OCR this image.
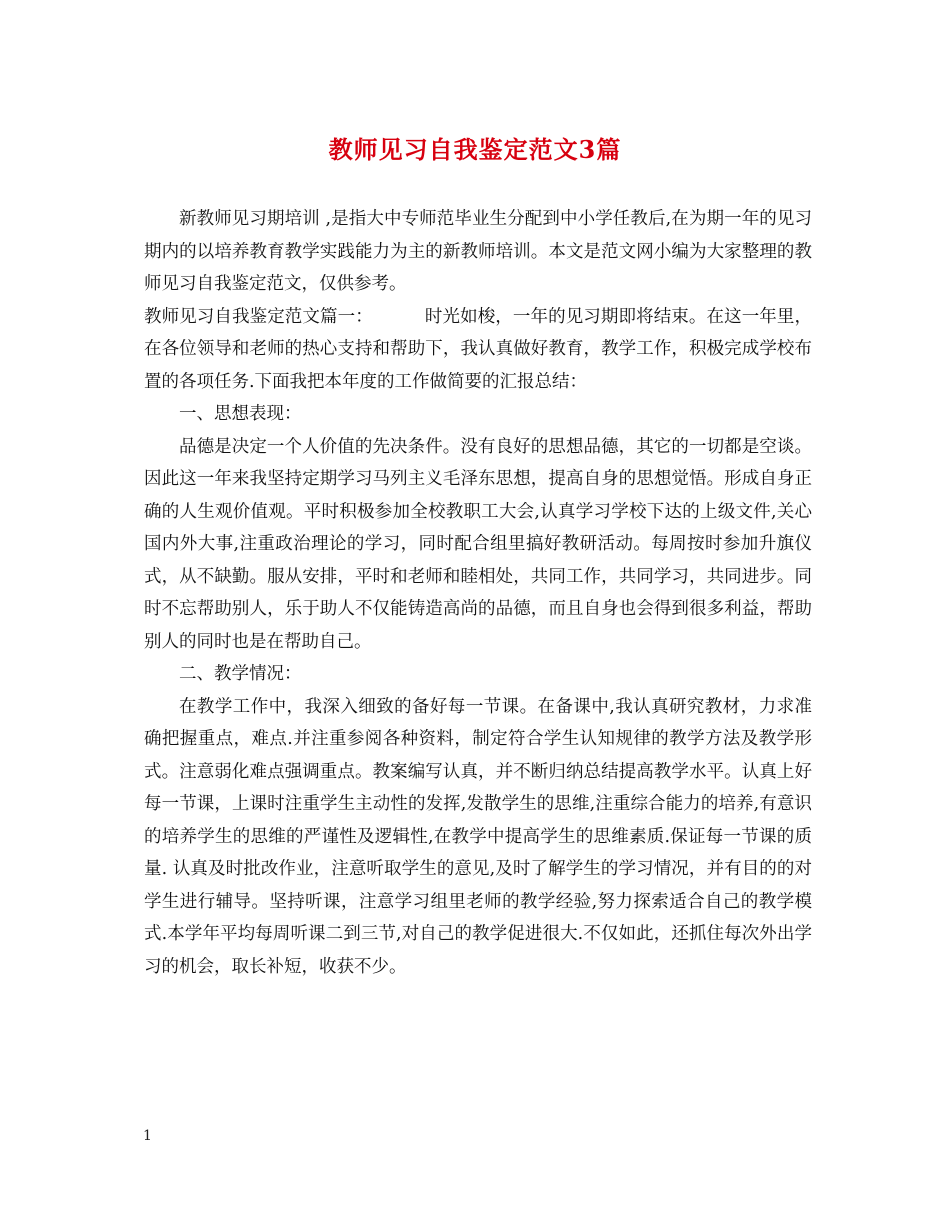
教师见习自我鉴定范文3篇

新教师见习期培训 ,是指大中专师范毕业生分配到中小学任教后,在为期一年的见习期内的以培养教育教学实践能力为主的新教师培训。本文是范文网小编为大家整理的教师见习自我鉴定范文，仅供参考。

教师见习自我鉴定范文篇一：	时光如梭，一年的见习期即将结束。在这一年里，在各位领导和老师的热心支持和帮助下，我认真做好教育，教学工作，积极完成学校布置的各项任务.下面我把本年度的工作做简要的汇报总结：

一、思想表现：

品德是决定一个人价值的先决条件。没有良好的思想品德，其它的一切都是空谈。因此这一年来我坚持定期学习马列主义毛泽东思想，提高自身的思想觉悟。形成自身正确的人生观价值观。平时积极参加全校教职工大会,认真学习学校下达的上级文件,关心国内外大事,注重政治理论的学习，同时配合组里搞好教研活动。每周按时参加升旗仪式，从不缺勤。服从安排，平时和老师和睦相处，共同工作，共同学习，共同进步。同时不忘帮助别人，乐于助人不仅能铸造高尚的品德，而且自身也会得到很多利益，帮助别人的同时也是在帮助自己。

二、教学情况：

在教学工作中，我深入细致的备好每一节课。在备课中,我认真研究教材，力求准确把握重点，难点.并注重参阅各种资料，制定符合学生认知规律的教学方法及教学形式。注意弱化难点强调重点。教案编写认真，并不断归纳总结提高教学水平。认真上好每一节课，上课时注重学生主动性的发挥,发散学生的思维,注重综合能力的培养,有意识的培养学生的思维的严谨性及逻辑性,在教学中提高学生的思维素质.保证每一节课的质量. 认真及时批改作业，注意听取学生的意见,及时了解学生的学习情况，并有目的的对学生进行辅导。坚持听课，注意学习组里老师的教学经验,努力探索适合自己的教学模式.本学年平均每周听课二到三节,对自己的教学促进很大.不仅如此，还抓住每次外出学习的机会，取长补短，收获不少。

1
